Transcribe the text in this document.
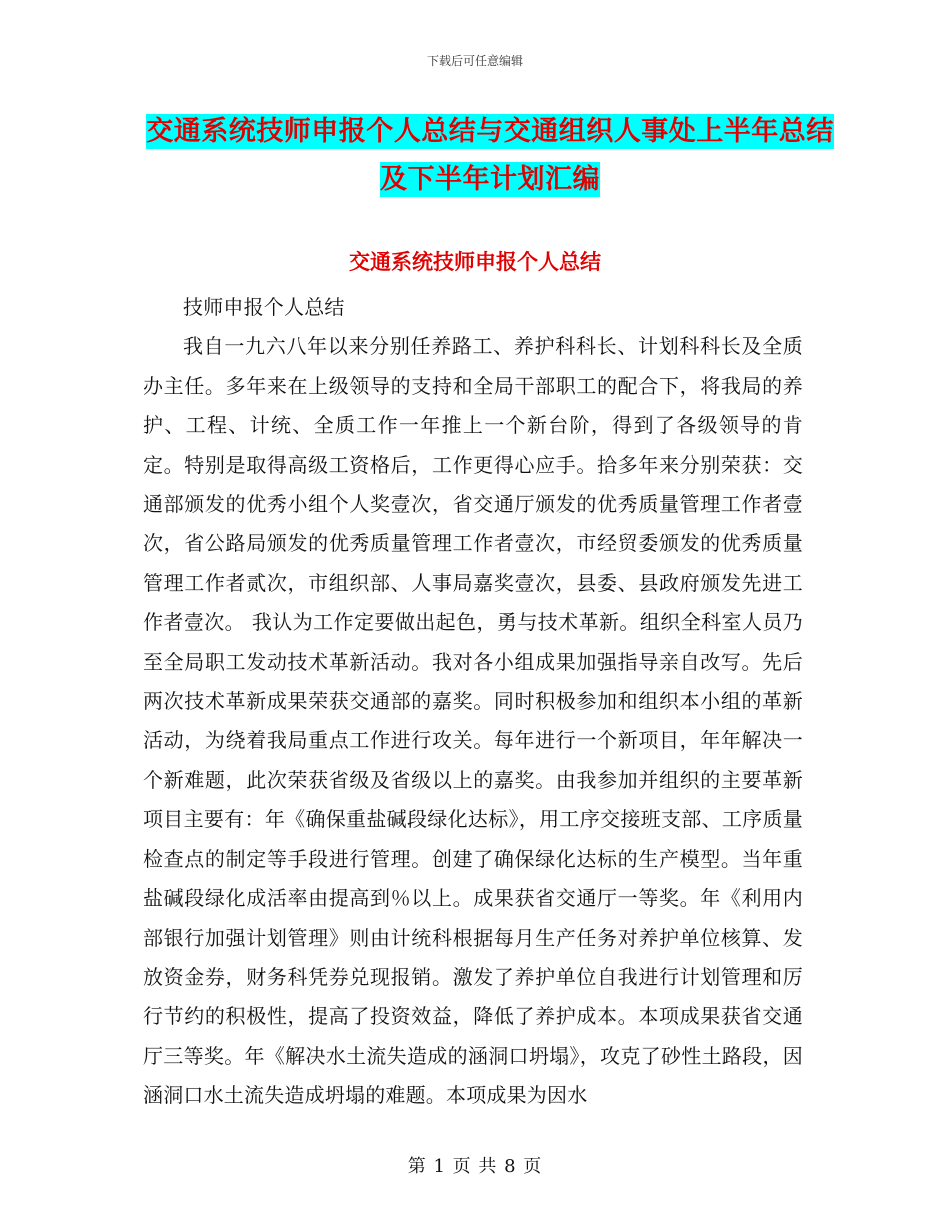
下载后可任意编辑
交通系统技师申报个人总结与交通组织人事处上半年总结及下半年计划汇编
交通系统技师申报个人总结

技师申报个人总结

我自一九六八年以来分别任养路工、养护科科长、计划科科长及全质办主任。多年来在上级领导的支持和全局干部职工的配合下，将我局的养护、工程、计统、全质工作一年推上一个新台阶，得到了各级领导的肯定。特别是取得高级工资格后，工作更得心应手。拾多年来分别荣获：交通部颁发的优秀小组个人奖壹次，省交通厅颁发的优秀质量管理工作者壹次，省公路局颁发的优秀质量管理工作者壹次，市经贸委颁发的优秀质量管理工作者贰次，市组织部、人事局嘉奖壹次，县委、县政府颁发先进工作者壹次。 我认为工作定要做出起色，勇与技术革新。组织全科室人员乃至全局职工发动技术革新活动。我对各小组成果加强指导亲自改写。先后两次技术革新成果荣获交通部的嘉奖。同时积极参加和组织本小组的革新活动，为绕着我局重点工作进行攻关。每年进行一个新项目，年年解决一个新难题，此次荣获省级及省级以上的嘉奖。由我参加并组织的主要革新项目主要有：年《确保重盐碱段绿化达标》，用工序交接班支部、工序质量检查点的制定等手段进行管理。创建了确保绿化达标的生产模型。当年重盐碱段绿化成活率由提高到％以上。成果获省交通厅一等奖。年《利用内部银行加强计划管理》则由计统科根据每月生产任务对养护单位核算、发放资金券，财务科凭券兑现报销。激发了养护单位自我进行计划管理和厉行节约的积极性，提高了投资效益，降低了养护成本。本项成果获省交通厅三等奖。年《解决水土流失造成的涵洞口坍塌》，攻克了砂性土路段，因涵洞口水土流失造成坍塌的难题。本项成果为因水

第 1 页 共 8 页
